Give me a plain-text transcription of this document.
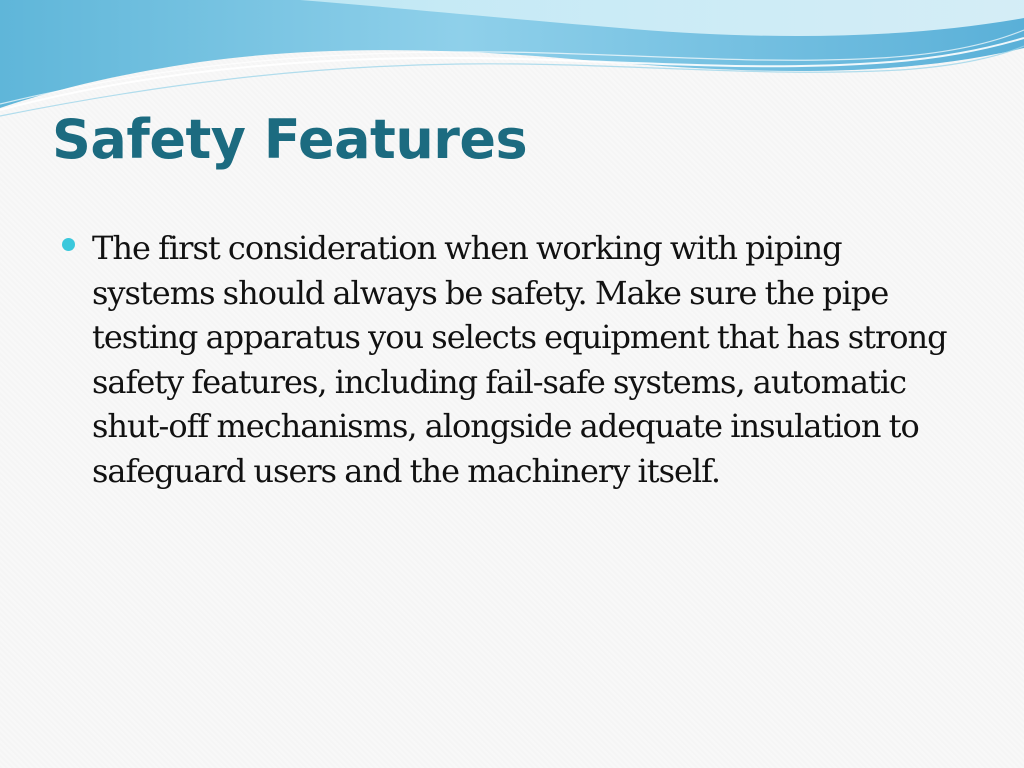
Safety Features

The first consideration when working with piping systems should always be safety. Make sure the pipe testing apparatus you selects equipment that has strong safety features, including fail-safe systems, automatic shut-off mechanisms, alongside adequate insulation to safeguard users and the machinery itself.
